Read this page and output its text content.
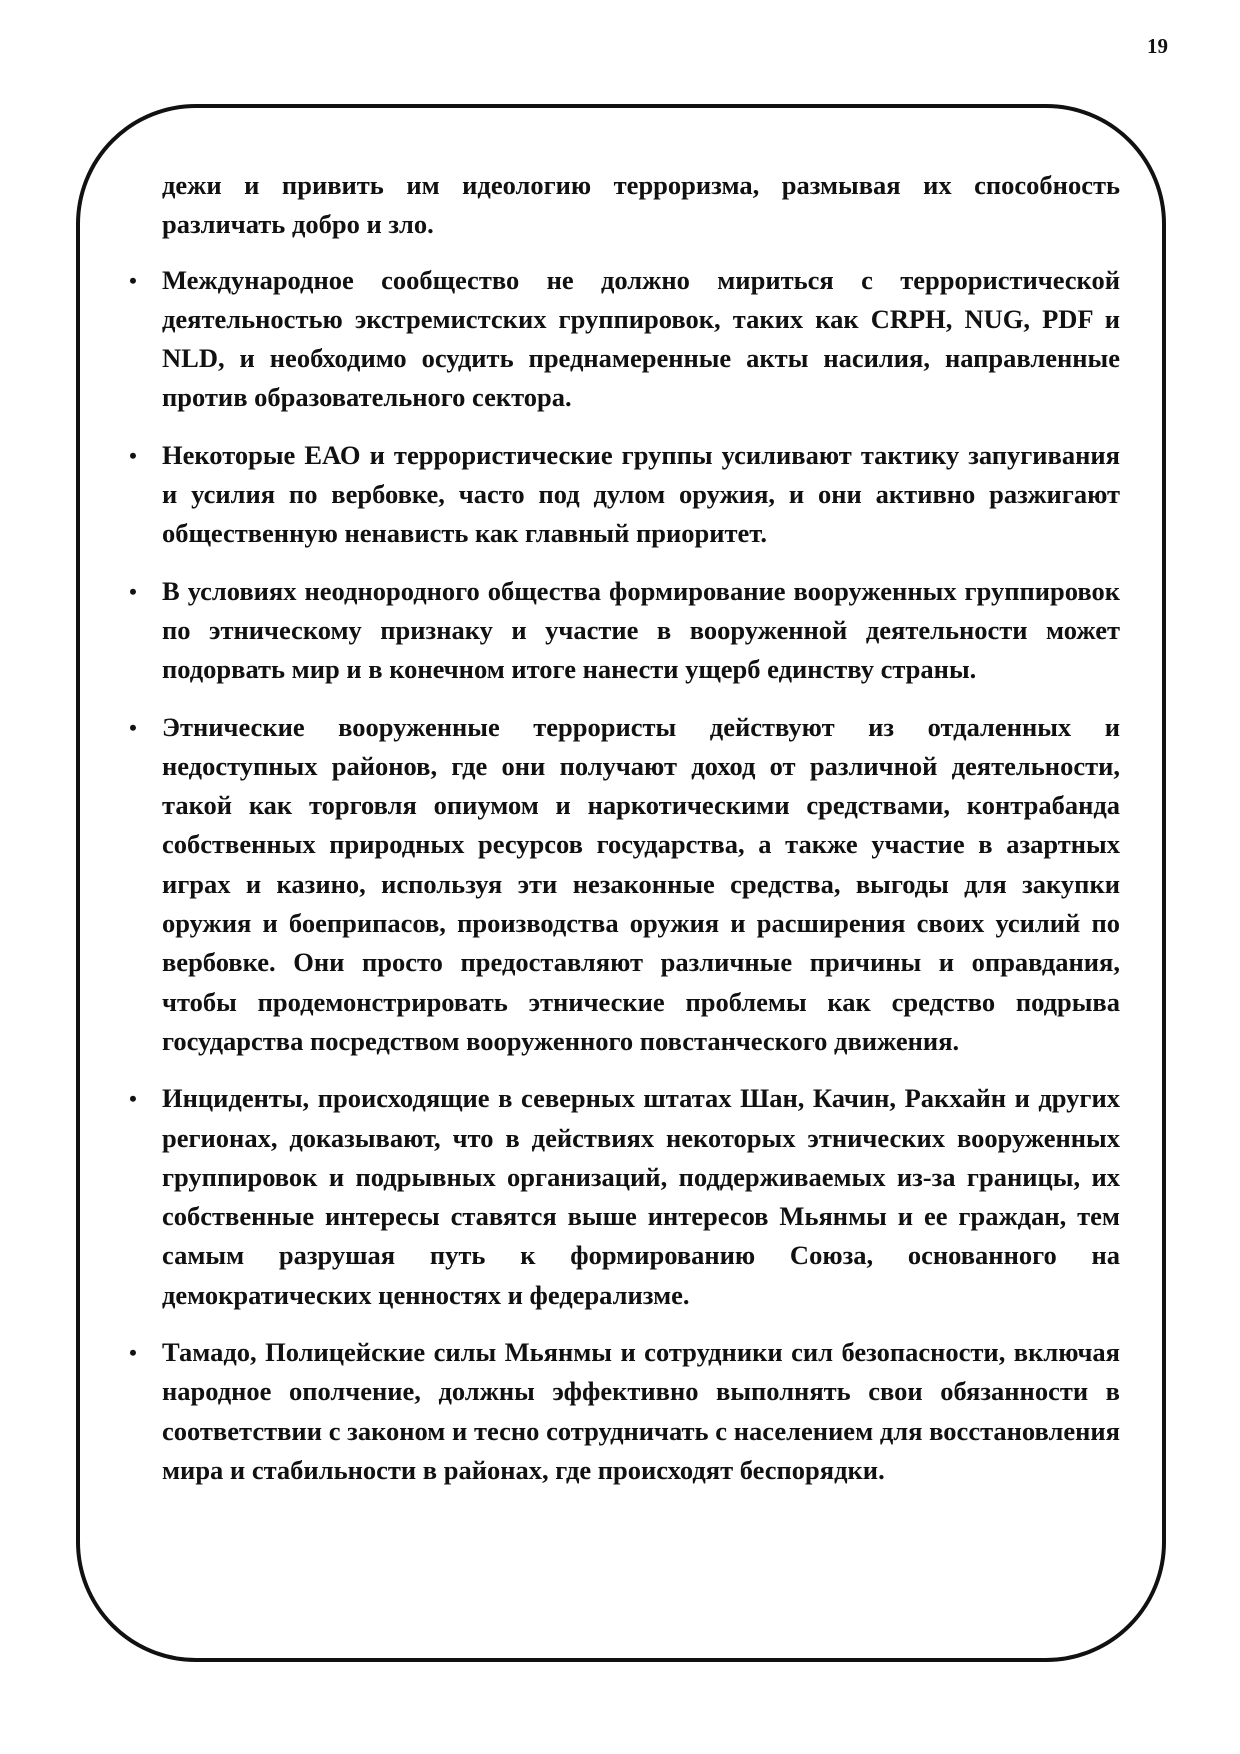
19

дежи и привить им идеологию терроризма, размывая их способность различать добро и зло.

• Международное сообщество не должно мириться с террористической деятельностью экстремистских группировок, таких как CRPH, NUG, PDF и NLD, и необходимо осудить преднамеренные акты насилия, направленные против образовательного сектора.
• Некоторые ЕАО и террористические группы усиливают тактику запугивания и усилия по вербовке, часто под дулом оружия, и они активно разжигают общественную ненависть как главный приоритет.
• В условиях неоднородного общества формирование вооруженных группировок по этническому признаку и участие в вооруженной деятельности может подорвать мир и в конечном итоге нанести ущерб единству страны.
• Этнические вооруженные террористы действуют из отдаленных и недоступных районов, где они получают доход от различной деятельности, такой как торговля опиумом и наркотическими средствами, контрабанда собственных природных ресурсов государства, а также участие в азартных играх и казино, используя эти незаконные средства, выгоды для закупки оружия и боеприпасов, производства оружия и расширения своих усилий по вербовке. Они просто предоставляют различные причины и оправдания, чтобы продемонстрировать этнические проблемы как средство подрыва государства посредством вооруженного повстанческого движения.
• Инциденты, происходящие в северных штатах Шан, Качин, Ракхайн и других регионах, доказывают, что в действиях некоторых этнических вооруженных группировок и подрывных организаций, поддерживаемых из-за границы, их собственные интересы ставятся выше интересов Мьянмы и ее граждан, тем самым разрушая путь к формированию Союза, основанного на демократических ценностях и федерализме.
• Тамадо, Полицейские силы Мьянмы и сотрудники сил безопасности, включая народное ополчение, должны эффективно выполнять свои обязанности в соответствии с законом и тесно сотрудничать с населением для восстановления мира и стабильности в районах, где происходят беспорядки.
